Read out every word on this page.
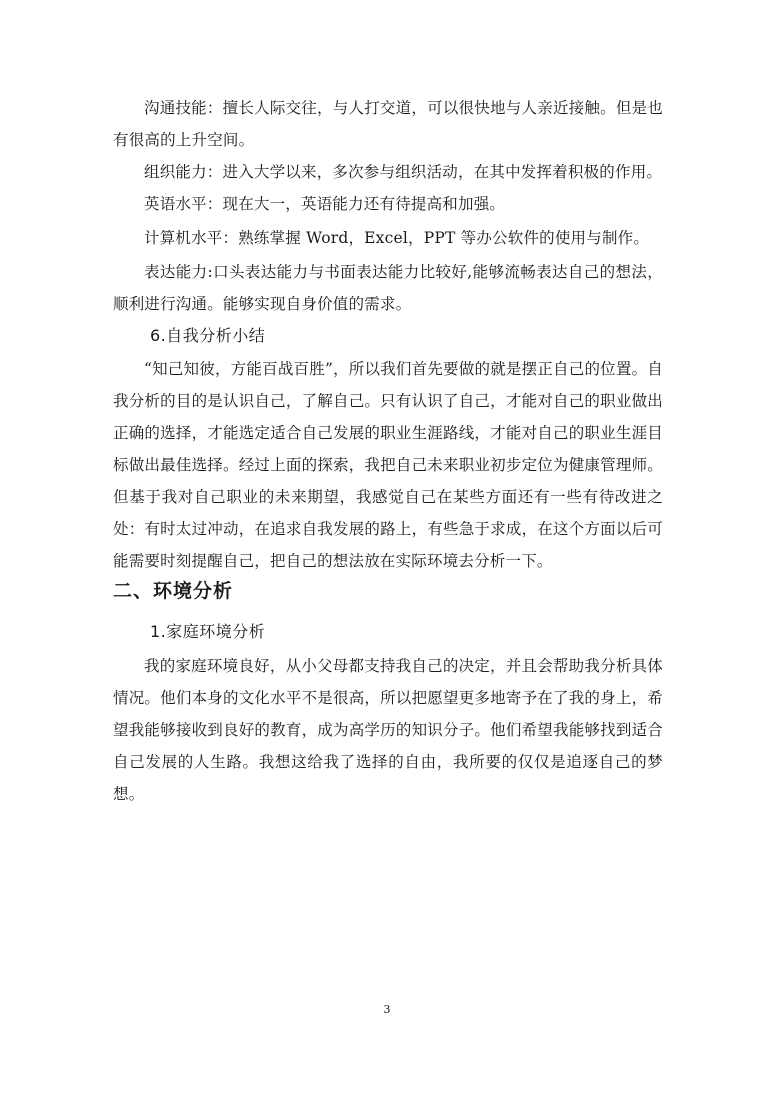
沟通技能：擅长人际交往，与人打交道，可以很快地与人亲近接触。但是也有很高的上升空间。

组织能力：进入大学以来，多次参与组织活动，在其中发挥着积极的作用。

英语水平：现在大一，英语能力还有待提高和加强。

计算机水平：熟练掌握 Word，Excel，PPT 等办公软件的使用与制作。

表达能力:口头表达能力与书面表达能力比较好,能够流畅表达自己的想法，顺利进行沟通。能够实现自身价值的需求。

6.自我分析小结

“知己知彼，方能百战百胜”，所以我们首先要做的就是摆正自己的位置。自我分析的目的是认识自己，了解自己。只有认识了自己，才能对自己的职业做出正确的选择，才能选定适合自己发展的职业生涯路线，才能对自己的职业生涯目标做出最佳选择。经过上面的探索，我把自己未来职业初步定位为健康管理师。但基于我对自己职业的未来期望，我感觉自己在某些方面还有一些有待改进之处：有时太过冲动，在追求自我发展的路上，有些急于求成，在这个方面以后可能需要时刻提醒自己，把自己的想法放在实际环境去分析一下。

二、环境分析
1.家庭环境分析

我的家庭环境良好，从小父母都支持我自己的决定，并且会帮助我分析具体情况。他们本身的文化水平不是很高，所以把愿望更多地寄予在了我的身上，希望我能够接收到良好的教育，成为高学历的知识分子。他们希望我能够找到适合自己发展的人生路。我想这给我了选择的自由，我所要的仅仅是追逐自己的梦想。

3
